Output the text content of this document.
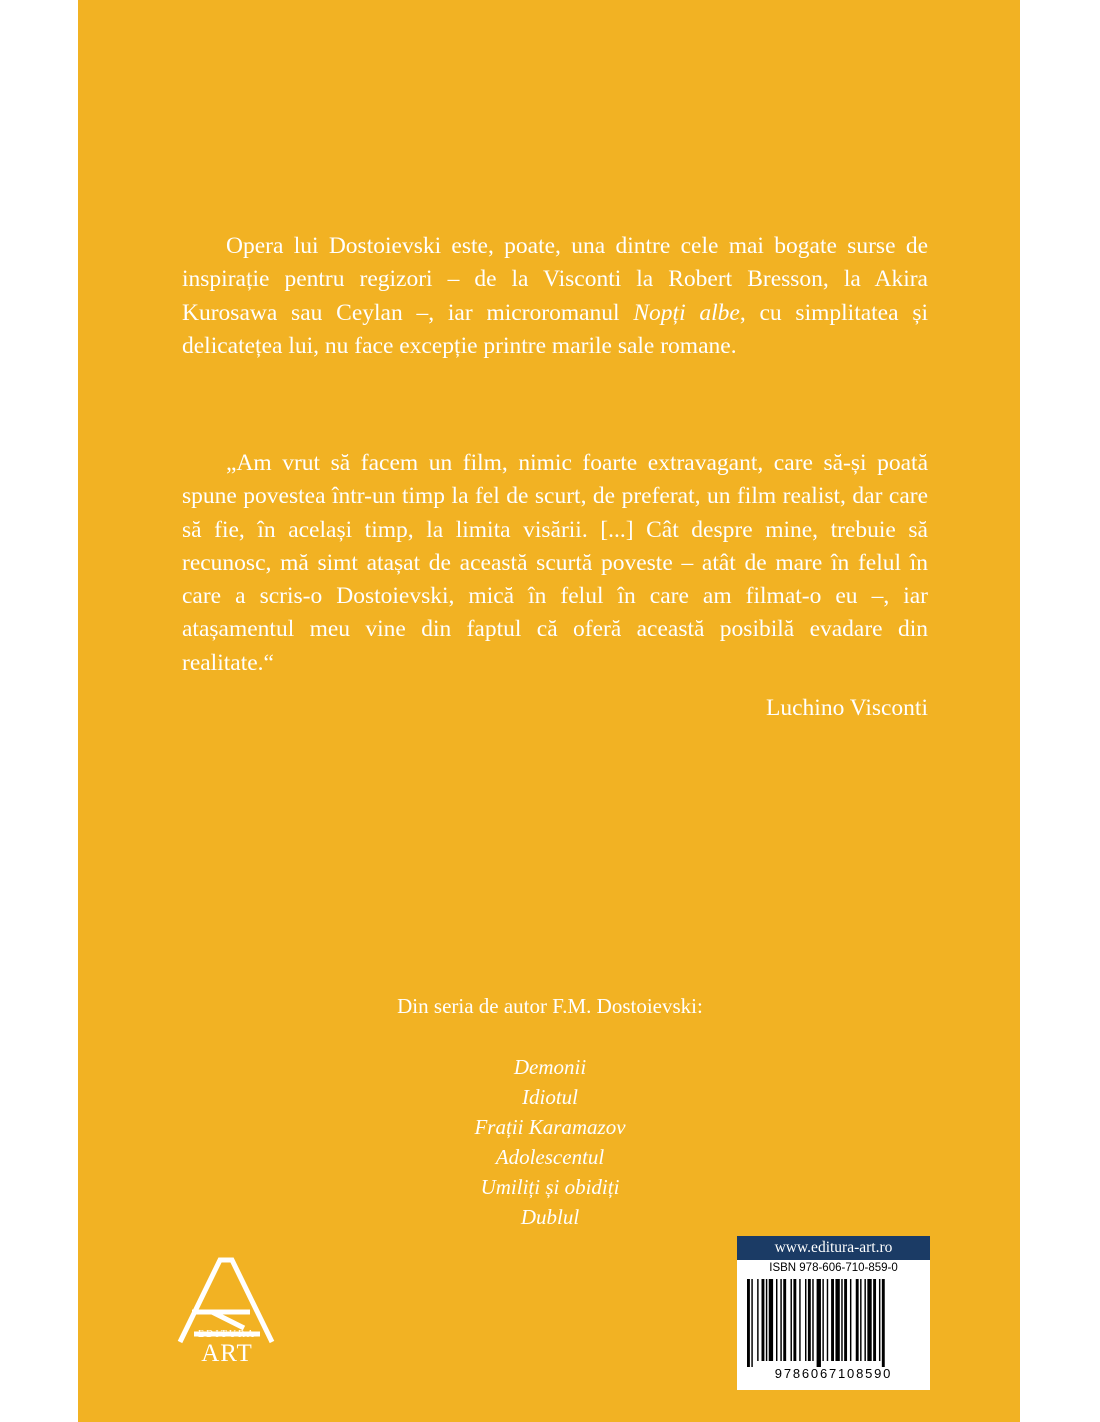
Opera lui Dostoievski este, poate, una dintre cele mai bogate surse de inspirație pentru regizori – de la Visconti la Robert Bresson, la Akira Kurosawa sau Ceylan –, iar microromanul Nopți albe, cu simplitatea și delicatețea lui, nu face excepție printre marile sale romane.

„Am vrut să facem un film, nimic foarte extravagant, care să-și poată spune povestea într-un timp la fel de scurt, de preferat, un film realist, dar care să fie, în același timp, la limita visării. [...] Cât despre mine, trebuie să recunosc, mă simt atașat de această scurtă poveste – atât de mare în felul în care a scris-o Dostoievski, mică în felul în care am filmat-o eu –, iar atașamentul meu vine din faptul că oferă această posibilă evadare din realitate.“

Luchino Visconti
Din seria de autor F.M. Dostoievski:
Demonii
Idiotul
Frații Karamazov
Adolescentul
Umiliți și obidiți
Dublul
EDITURA
ART
www.editura-art.ro
ISBN 978-606-710-859-0
9786067108590
